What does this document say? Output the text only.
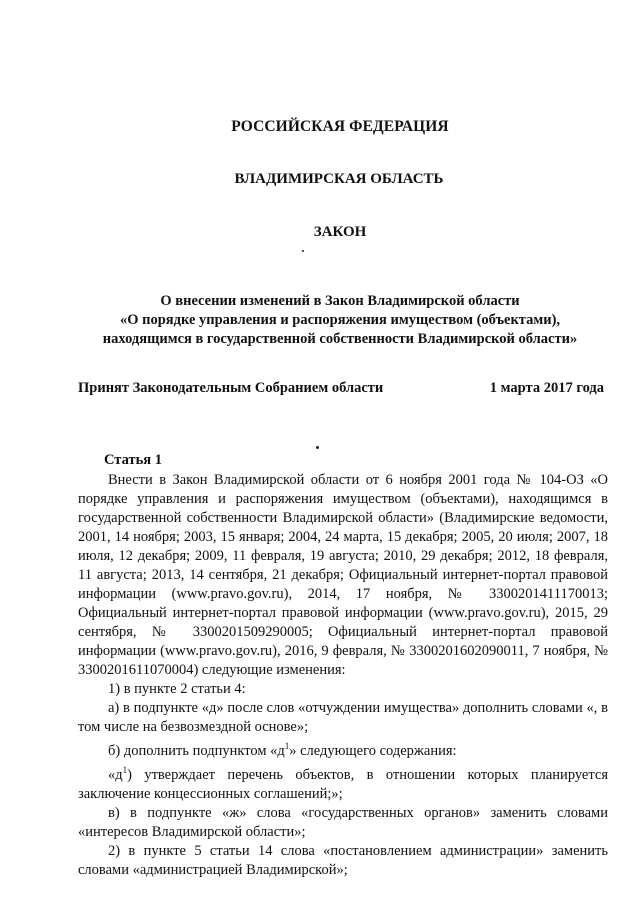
РОССИЙСКАЯ ФЕДЕРАЦИЯ
ВЛАДИМИРСКАЯ ОБЛАСТЬ
ЗАКОН
О внесении изменений в Закон Владимирской области
«О порядке управления и распоряжения имуществом (объектами),
находящимся в государственной собственности Владимирской области»
Принят Законодательным Собранием области	1 марта 2017 года
Статья 1

Внести в Закон Владимирской области от 6 ноября 2001 года № 104-ОЗ «О порядке управления и распоряжения имуществом (объектами), находящимся в государственной собственности Владимирской области» (Владимирские ведомости, 2001, 14 ноября; 2003, 15 января; 2004, 24 марта, 15 декабря; 2005, 20 июля; 2007, 18 июля, 12 декабря; 2009, 11 февраля, 19 августа; 2010, 29 декабря; 2012, 18 февраля, 11 августа; 2013, 14 сентября, 21 декабря; Официальный интернет-портал правовой информации (www.pravo.gov.ru), 2014, 17 ноября, № 3300201411170013; Официальный интернет-портал правовой информации (www.pravo.gov.ru), 2015, 29 сентября, № 3300201509290005; Официальный интернет-портал правовой информации (www.pravo.gov.ru), 2016, 9 февраля, № 3300201602090011, 7 ноября, № 3300201611070004) следующие изменения:

1) в пункте 2 статьи 4:

а) в подпункте «д» после слов «отчуждении имущества» дополнить словами «, в том числе на безвозмездной основе»;

б) дополнить подпунктом «$д^1$» следующего содержания:

«$д^1$) утверждает перечень объектов, в отношении которых планируется заключение концессионных соглашений;»;

в) в подпункте «ж» слова «государственных органов» заменить словами «интересов Владимирской области»;

2) в пункте 5 статьи 14 слова «постановлением администрации» заменить словами «администрацией Владимирской»;
